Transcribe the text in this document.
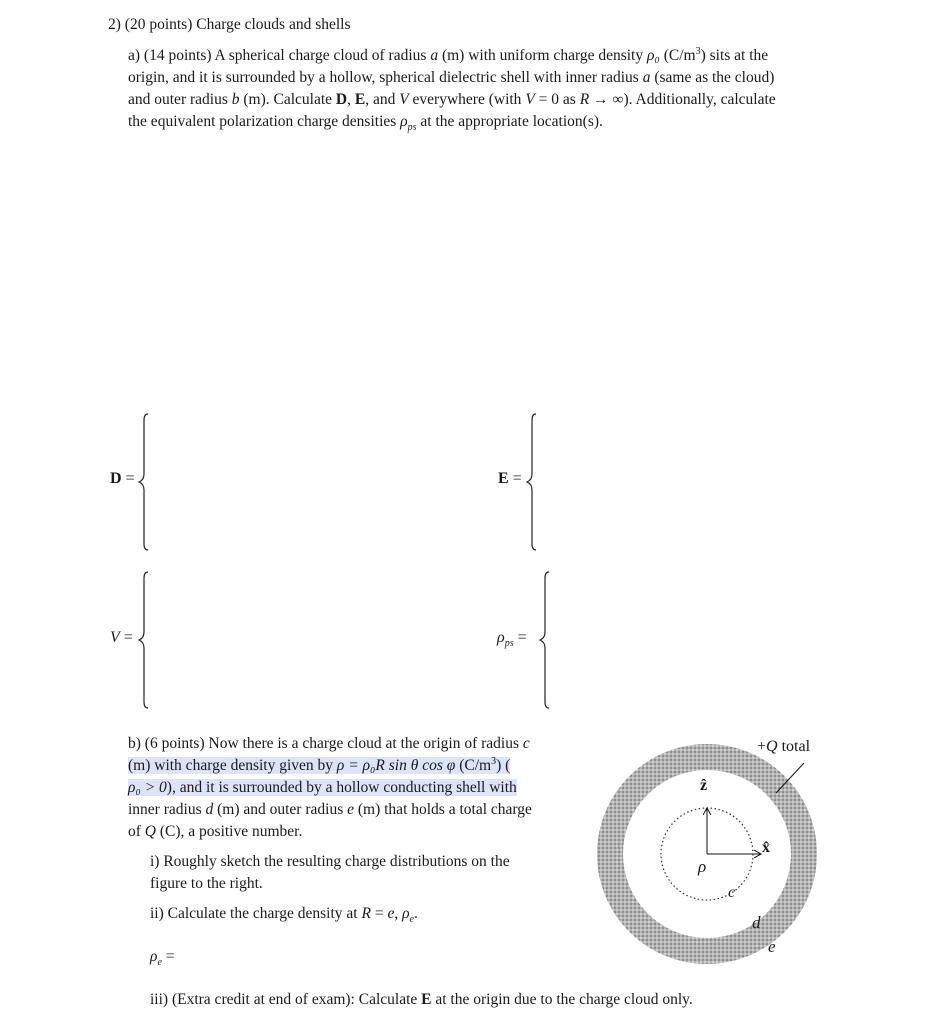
2) (20 points) Charge clouds and shells
a) (14 points) A spherical charge cloud of radius a (m) with uniform charge density ρ₀ $(C/m^3)$ sits at the
origin, and it is surrounded by a hollow, spherical dielectric shell with inner radius a (same as the cloud)
and outer radius b (m). Calculate D, E, and V everywhere (with V = 0 as R → ∞). Additionally, calculate
the equivalent polarization charge densities $\rho_{ps}$ at the appropriate location(s).
D =	E =
V =	$\rho_{ps}$ =
b) (6 points) Now there is a charge cloud at the origin of radius c
(m) with charge density given by ρ = ρ₀R sin θ cos φ $(C/m^3)$ (
ρ₀ > 0), and it is surrounded by a hollow conducting shell with
inner radius d (m) and outer radius e (m) that holds a total charge
of Q (C), a positive number.
i) Roughly sketch the resulting charge distributions on the
figure to the right.
ii) Calculate the charge density at R = e, $\rho_e$.
$\rho_e$ =
iii) (Extra credit at end of exam): Calculate E at the origin due to the charge cloud only.
+Q total
ẑ
x̂
ρ
c
d
e
